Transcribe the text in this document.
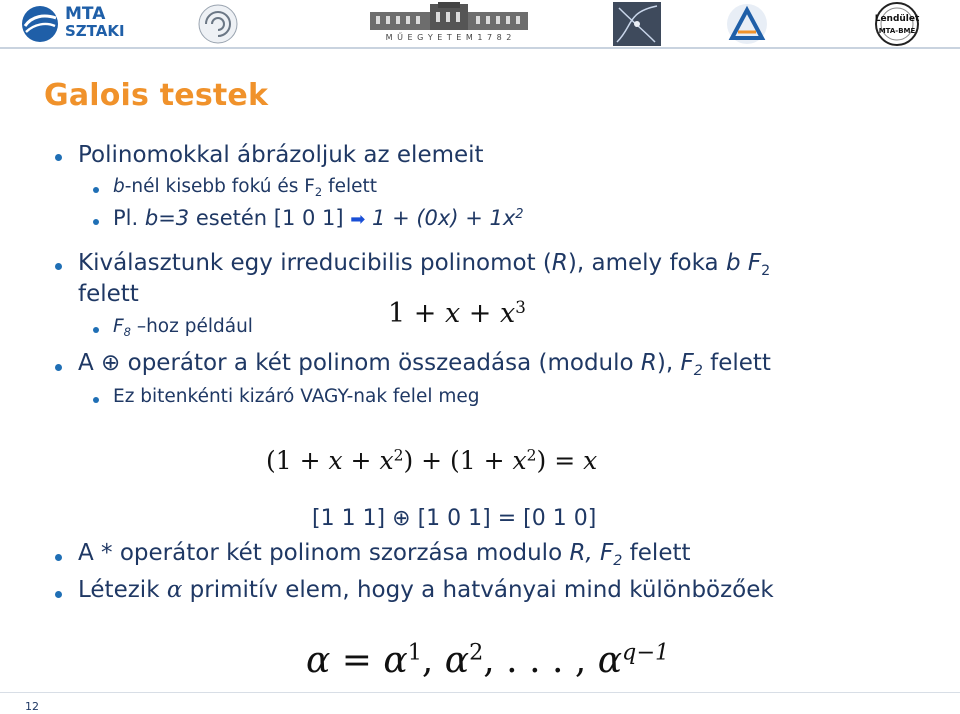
MTA
SZTAKI	M Ű E G Y E T E M 1 7 8 2
Lendület
MTA-BME
Galois testek
Polinomokkal ábrázoljuk az elemeit
b-nél kisebb fokú és $F_2$ felett
Pl. b=3 esetén [1 0 1] ➡ $1 + (0x) + 1x^2$
Kiválasztunk egy irreducibilis polinomot (R), amely foka b $F_2$
felett
$F_8$ –hoz például	$1 + x + x^3$
A ⊕ operátor a két polinom összeadása (modulo R), $F_2$ felett
Ez bitenkénti kizáró VAGY-nak felel meg
$(1 + x + x^2) + (1 + x^2) = x$
[1 1 1] ⊕ [1 0 1] = [0 1 0]
A * operátor két polinom szorzása modulo R, $F_2$ felett
Létezik α primitív elem, hogy a hatványai mind különbözőek
$\alpha = \alpha^1$, $\alpha^2$, . . . , $\alpha^{q-1}$
12
